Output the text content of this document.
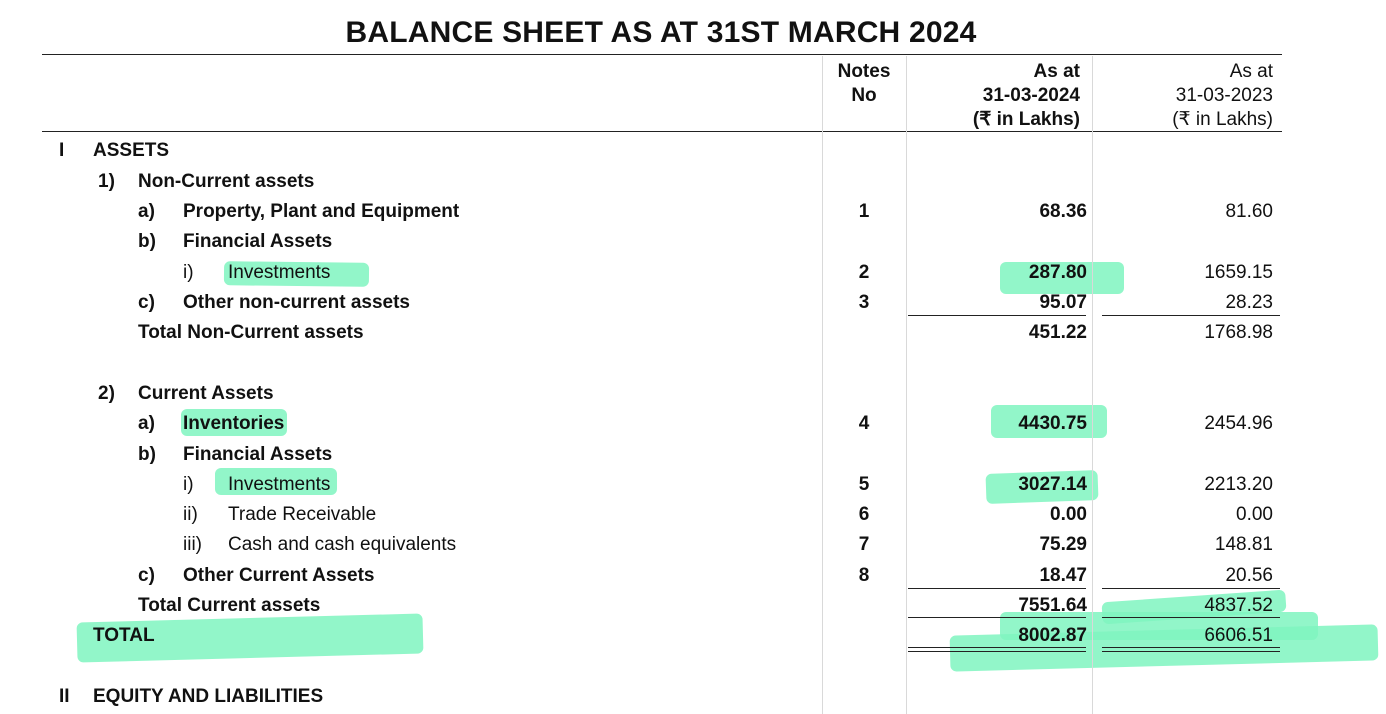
BALANCE SHEET AS AT 31ST MARCH 2024
Notes
No
As at
31-03-2024
(₹ in Lakhs)
As at
31-03-2023
(₹ in Lakhs)
I ASSETS
1) Non-Current assets
a) Property, Plant and Equipment	1	68.36	81.60
b) Financial Assets
i) Investments	2	287.80	1659.15
c) Other non-current assets	3	95.07	28.23
Total Non-Current assets	451.22	1768.98
2) Current Assets
a) Inventories	4	4430.75	2454.96
b) Financial Assets
i) Investments	5	3027.14	2213.20
ii) Trade Receivable	6	0.00	0.00
iii) Cash and cash equivalents	7	75.29	148.81
c) Other Current Assets	8	18.47	20.56
Total Current assets	7551.64	4837.52
TOTAL	8002.87	6606.51
II EQUITY AND LIABILITIES
